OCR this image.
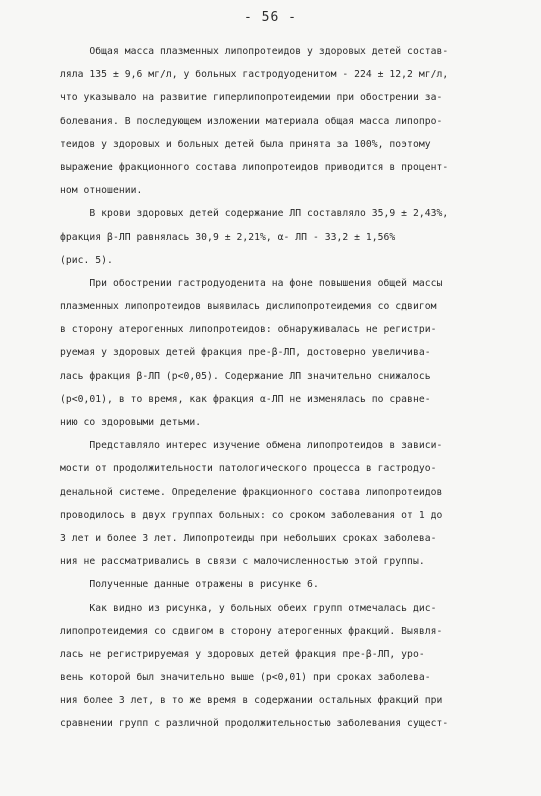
- 56 -
Общая масса плазменных липопротеидов у здоровых детей состав-
ляла 135 ± 9,6 мг/л, у больных гастродуоденитом - 224 ± 12,2 мг/л,
что указывало на развитие гиперлипопротеидемии при обострении за-
болевания. В последующем изложении материала общая масса липопро-
теидов у здоровых и больных детей была принята за 100%, поэтому
выражение фракционного состава липопротеидов приводится в процент-
ном отношении.
В крови здоровых детей содержание ЛП составляло 35,9 ± 2,43%,
фракция β-ЛП равнялась 30,9 ± 2,21%, α- ЛП - 33,2 ± 1,56%
(рис. 5).
При обострении гастродуоденита на фоне повышения общей массы
плазменных липопротеидов выявилась дислипопротеидемия со сдвигом
в сторону атерогенных липопротеидов: обнаруживалась не регистри-
руемая у здоровых детей фракция пре-β-ЛП, достоверно увеличива-
лась фракция β-ЛП (р<0,05). Содержание ЛП значительно снижалось
(р<0,01), в то время, как фракция α-ЛП не изменялась по сравне-
нию со здоровыми детьми.
Представляло интерес изучение обмена липопротеидов в зависи-
мости от продолжительности патологического процесса в гастродуо-
денальной системе. Определение фракционного состава липопротеидов
проводилось в двух группах больных: со сроком заболевания от 1 до
3 лет и более 3 лет. Липопротеиды при небольших сроках заболева-
ния не рассматривались в связи с малочисленностью этой группы.
Полученные данные отражены в рисунке 6.
Как видно из рисунка, у больных обеих групп отмечалась дис-
липопротеидемия со сдвигом в сторону атерогенных фракций. Выявля-
лась не регистрируемая у здоровых детей фракция пре-β-ЛП, уро-
вень которой был значительно выше (р<0,01) при сроках заболева-
ния более 3 лет, в то же время в содержании остальных фракций при
сравнении групп с различной продолжительностью заболевания сущест-
